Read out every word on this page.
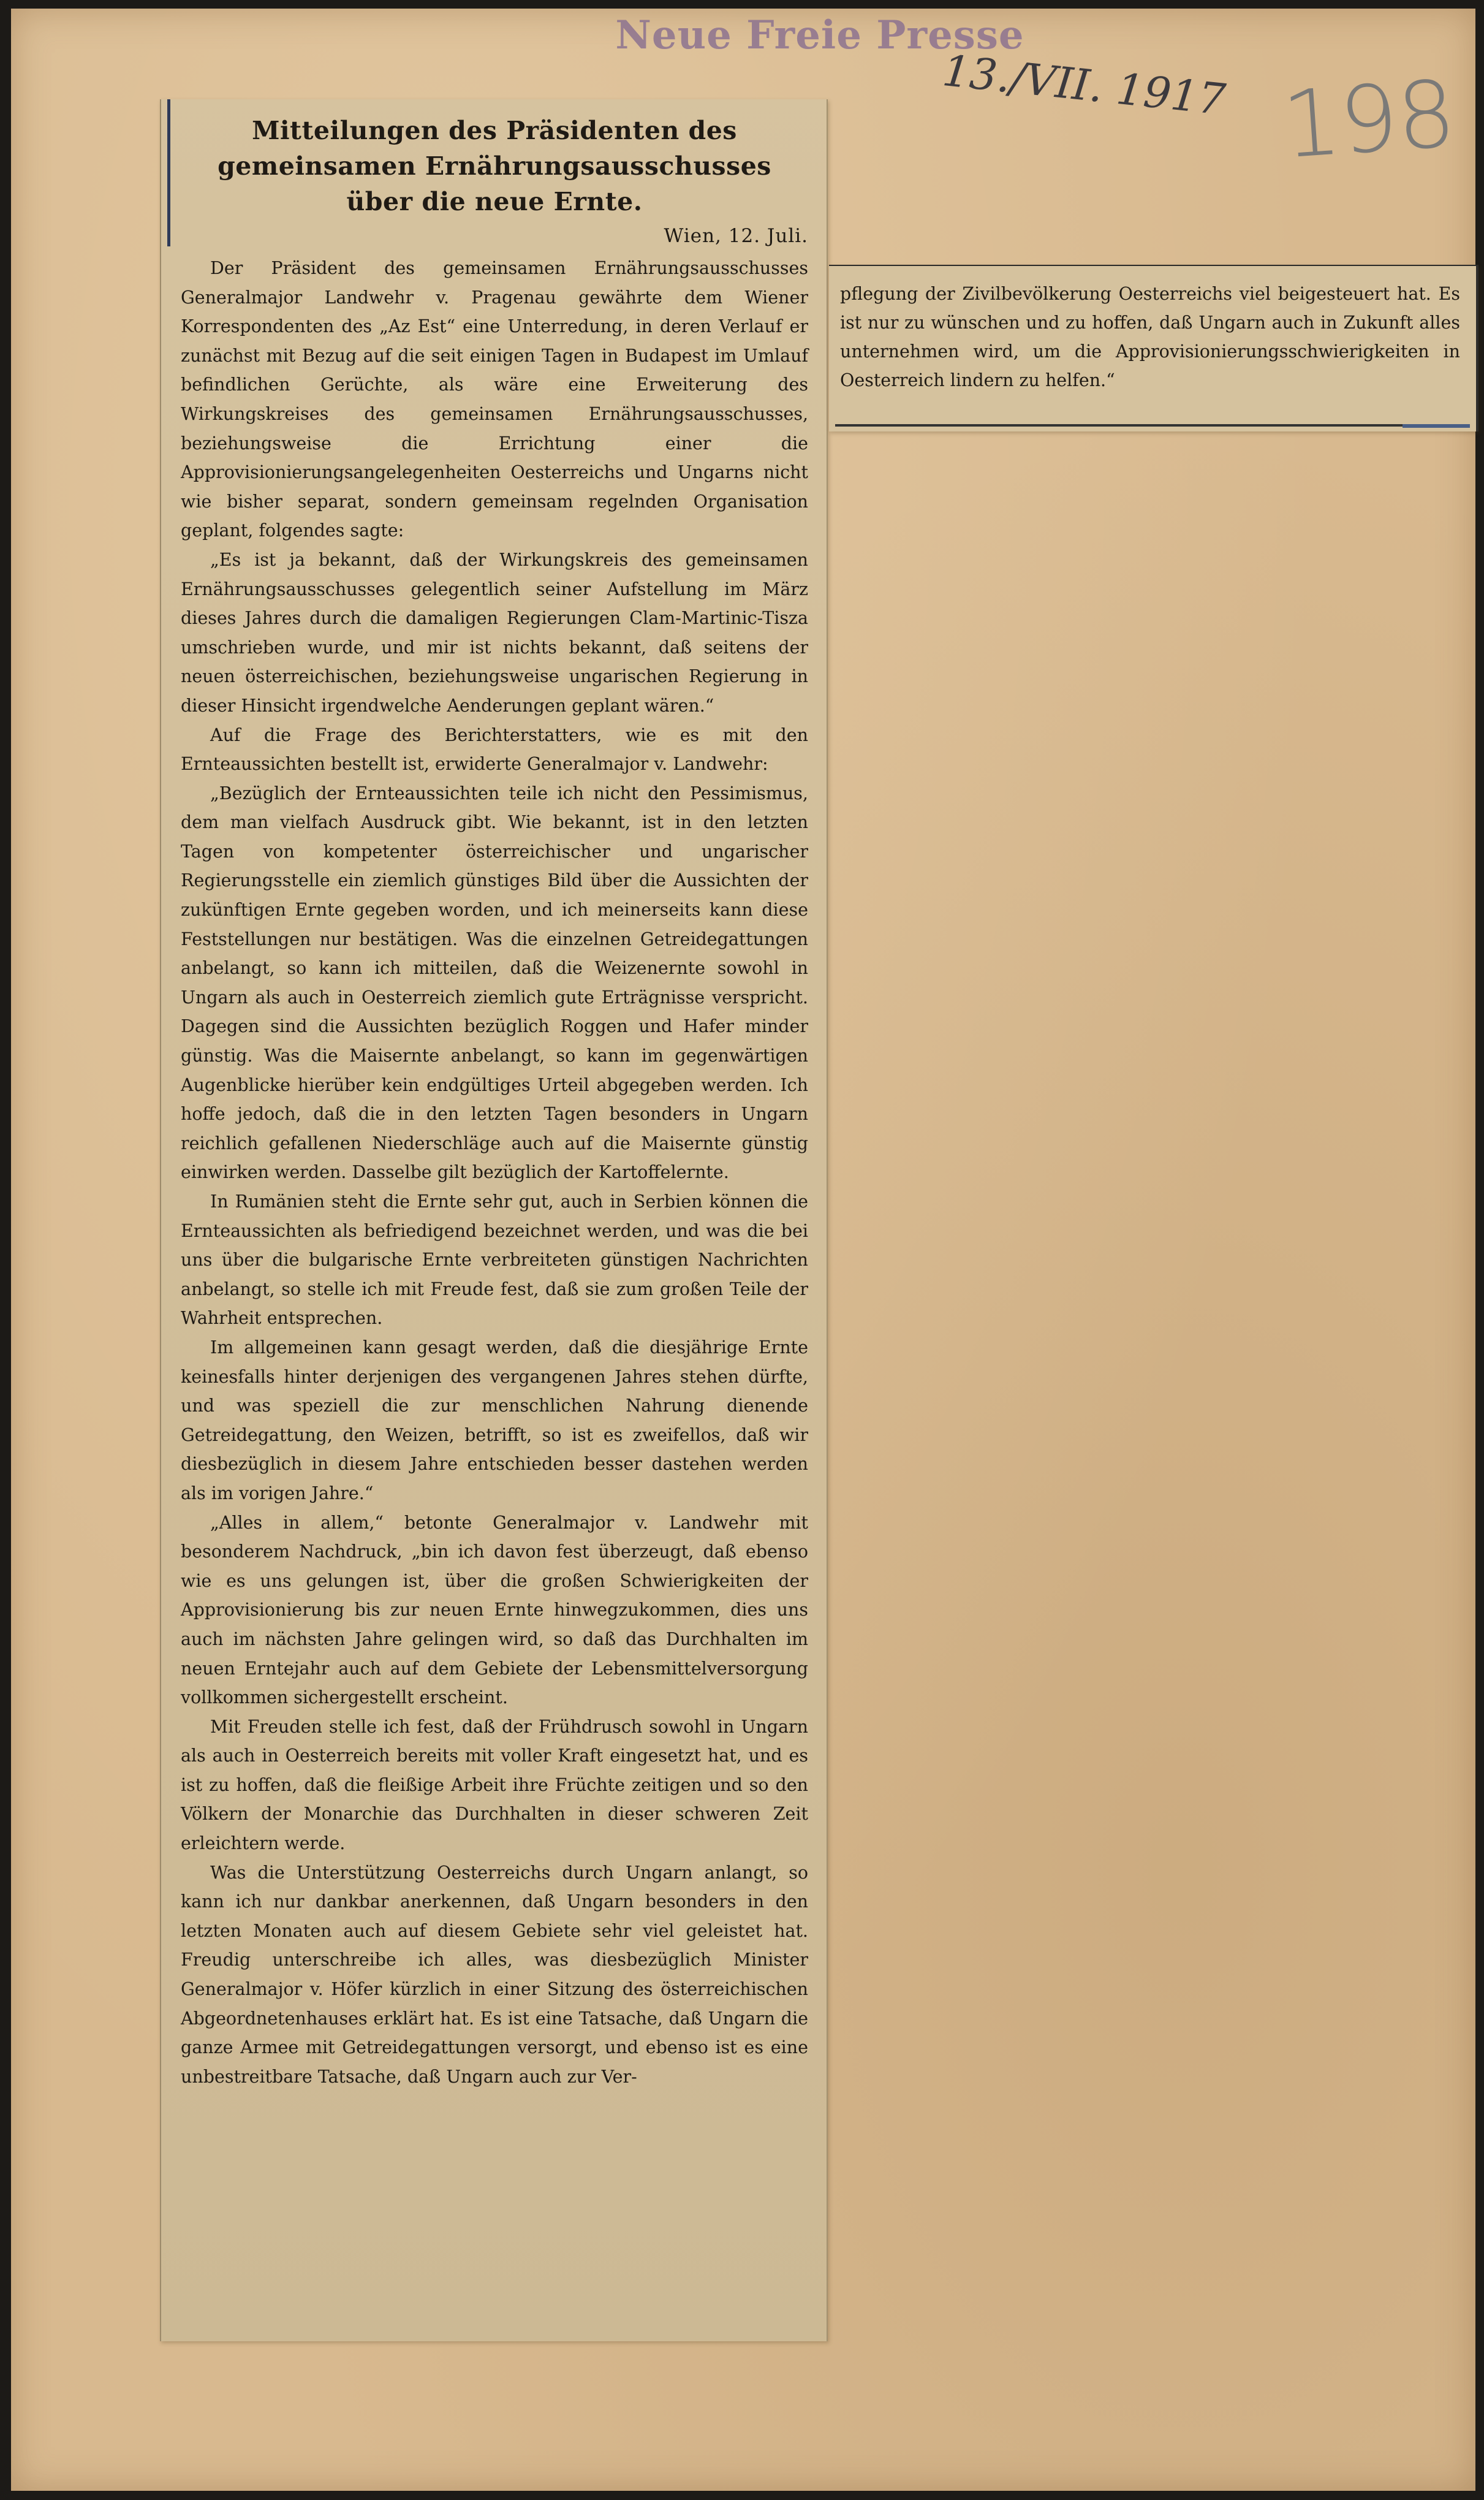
Neue Freie Presse
13./VII. 1917 198
Mitteilungen des Präsidenten des gemeinsamen Ernährungsausschusses über die neue Ernte.
Wien, 12. Juli.

Der Präsident des gemeinsamen Ernährungsausschusses Generalmajor Landwehr v. Pragenau gewährte dem Wiener Korrespondenten des „Az Est“ eine Unterredung, in deren Verlauf er zunächst mit Bezug auf die seit einigen Tagen in Budapest im Umlauf befindlichen Gerüchte, als wäre eine Erweiterung des Wirkungskreises des gemeinsamen Ernährungsausschusses, beziehungsweise die Errichtung einer die Approvisionierungsangelegenheiten Oesterreichs und Ungarns nicht wie bisher separat, sondern gemeinsam regelnden Organisation geplant, folgendes sagte:

„Es ist ja bekannt, daß der Wirkungskreis des gemeinsamen Ernährungsausschusses gelegentlich seiner Aufstellung im März dieses Jahres durch die damaligen Regierungen Clam-Martinic-Tisza umschrieben wurde, und mir ist nichts bekannt, daß seitens der neuen österreichischen, beziehungsweise ungarischen Regierung in dieser Hinsicht irgendwelche Aenderungen geplant wären.“

Auf die Frage des Berichterstatters, wie es mit den Ernteaussichten bestellt ist, erwiderte Generalmajor v. Landwehr:

„Bezüglich der Ernteaussichten teile ich nicht den Pessimismus, dem man vielfach Ausdruck gibt. Wie bekannt, ist in den letzten Tagen von kompetenter österreichischer und ungarischer Regierungsstelle ein ziemlich günstiges Bild über die Aussichten der zukünftigen Ernte gegeben worden, und ich meinerseits kann diese Feststellungen nur bestätigen. Was die einzelnen Getreidegattungen anbelangt, so kann ich mitteilen, daß die Weizenernte sowohl in Ungarn als auch in Oesterreich ziemlich gute Erträgnisse verspricht. Dagegen sind die Aussichten bezüglich Roggen und Hafer minder günstig. Was die Maisernte anbelangt, so kann im gegenwärtigen Augenblicke hierüber kein endgültiges Urteil abgegeben werden. Ich hoffe jedoch, daß die in den letzten Tagen besonders in Ungarn reichlich gefallenen Niederschläge auch auf die Maisernte günstig einwirken werden. Dasselbe gilt bezüglich der Kartoffelernte.

In Rumänien steht die Ernte sehr gut, auch in Serbien können die Ernteaussichten als befriedigend bezeichnet werden, und was die bei uns über die bulgarische Ernte verbreiteten günstigen Nachrichten anbelangt, so stelle ich mit Freude fest, daß sie zum großen Teile der Wahrheit entsprechen.

Im allgemeinen kann gesagt werden, daß die diesjährige Ernte keinesfalls hinter derjenigen des vergangenen Jahres stehen dürfte, und was speziell die zur menschlichen Nahrung dienende Getreidegattung, den Weizen, betrifft, so ist es zweifellos, daß wir diesbezüglich in diesem Jahre entschieden besser dastehen werden als im vorigen Jahre.“

„Alles in allem,“ betonte Generalmajor v. Landwehr mit besonderem Nachdruck, „bin ich davon fest überzeugt, daß ebenso wie es uns gelungen ist, über die großen Schwierigkeiten der Approvisionierung bis zur neuen Ernte hinwegzukommen, dies uns auch im nächsten Jahre gelingen wird, so daß das Durchhalten im neuen Erntejahr auch auf dem Gebiete der Lebensmittelversorgung vollkommen sichergestellt erscheint.

Mit Freuden stelle ich fest, daß der Frühdrusch sowohl in Ungarn als auch in Oesterreich bereits mit voller Kraft eingesetzt hat, und es ist zu hoffen, daß die fleißige Arbeit ihre Früchte zeitigen und so den Völkern der Monarchie das Durchhalten in dieser schweren Zeit erleichtern werde.

Was die Unterstützung Oesterreichs durch Ungarn anlangt, so kann ich nur dankbar anerkennen, daß Ungarn besonders in den letzten Monaten auch auf diesem Gebiete sehr viel geleistet hat. Freudig unterschreibe ich alles, was diesbezüglich Minister Generalmajor v. Höfer kürzlich in einer Sitzung des österreichischen Abgeordnetenhauses erklärt hat. Es ist eine Tatsache, daß Ungarn die ganze Armee mit Getreidegattungen versorgt, und ebenso ist es eine unbestreitbare Tatsache, daß Ungarn auch zur Ver-

pflegung der Zivilbevölkerung Oesterreichs viel beigesteuert hat. Es ist nur zu wünschen und zu hoffen, daß Ungarn auch in Zukunft alles unternehmen wird, um die Approvisionierungsschwierigkeiten in Oesterreich lindern zu helfen.“
